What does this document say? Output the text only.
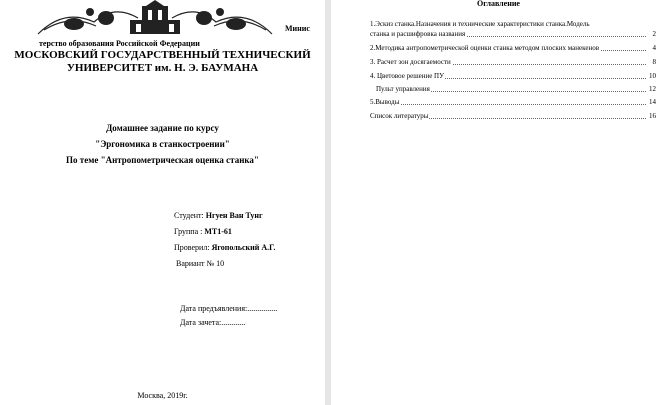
Минис
терство образования Российской Федерации
МОСКОВСКИЙ ГОСУДАРСТВЕННЫЙ ТЕХНИЧЕСКИЙ
УНИВЕРСИТЕТ им. Н. Э. БАУМАНА
Домашнее задание по курсу
"Эргономика в станкостроении"
По теме "Антропометрическая оценка станка"
Студент: Нгуен Ван Тунг
Группа : МТ1-61
Проверил: Ягопольский А.Г.
Вариант № 10
Дата предъявления:...............
Дата зачета:............
Москва, 2019г.
Оглавление
1.Эскиз станка.Назначения и технические характеристики станка.Модель
станка и расшифровка названия	2
2.Методика антропометрической оценки станка методом плоских манекенов	4
3. Расчет зон досягаемости	8
4. Цветовое решение ПУ	10
Пульт управления	12
5.Выводы	14
Список литературы	16
